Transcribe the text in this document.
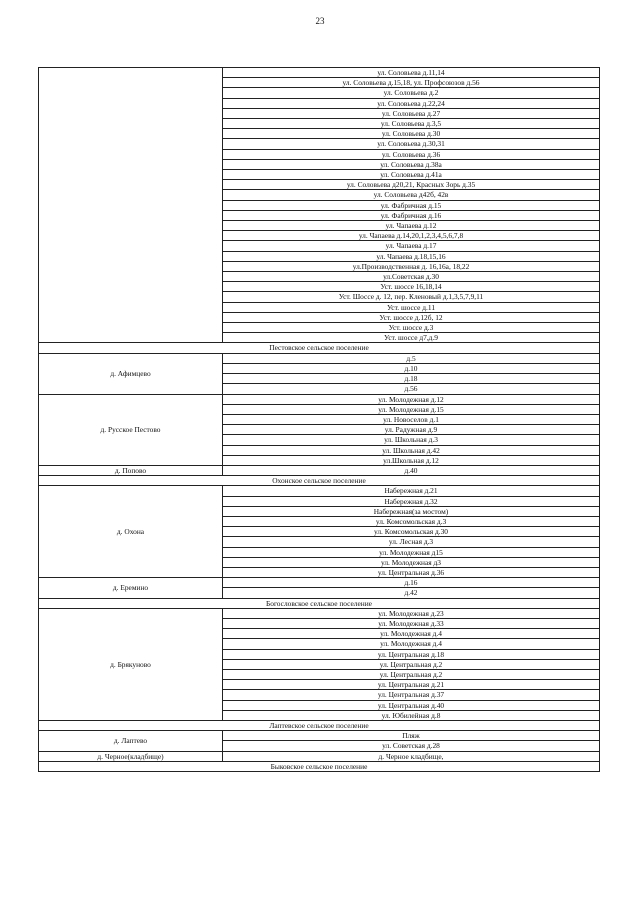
23
	ул. Соловьева д.11,14
	ул. Соловьева д.15,18, ул. Профсоюзов д.56
	ул. Соловьева д.2
	ул. Соловьева д.22,24
	ул. Соловьева д.27
	ул. Соловьева д.3,5
	ул. Соловьева д.30
	ул. Соловьева д.30,31
	ул. Соловьева д.36
	ул. Соловьева д.38а
	ул. Соловьева д.41а
	ул. Соловьева д20,21, Красных Зорь д.35
	ул. Соловьева д42б, 42в
	ул. Фабричная д.15
	ул. Фабричная д.16
	ул. Чапаева д.12
	ул. Чапаева д.14,20,1,2,3,4,5,6,7,8
	ул. Чапаева д.17
	ул. Чапаева д.18,15,16
	ул.Производственная д. 16,16а, 18,22
	ул.Советская д.30
	Уст. шоссе 16,18,14
	Уст. Шоссе д. 12, пер. Кленовый д.1,3,5,7,9,11
	Уст. шоссе д.11
	Уст. шоссе д.12б, 12
	Уст. шоссе д.3
	Уст. шоссе д7,д.9
Пестовское сельское поселение	
д. Афимцево	д.5
	д.10
	д.18
	д.56
д. Русское Пестово	ул. Молодежная д.12
	ул. Молодежная д.15
	ул. Новоселов д.1
	ул. Радужная д.9
	ул. Школьная д.3
	ул. Школьная д.42
	ул.Школьная д.12
д. Попово	д.40
Охонское сельское поселение	
д. Охона	Набережная д.21
	Набережная д.32
	Набережная(за мостом)
	ул. Комсомольская д.3
	ул. Комсомольская д.30
	ул. Лесная д.3
	ул. Молодежная д15
	ул. Молодежная д3
	ул. Центральная д.36
д. Еремино	д.16
	д.42
Богословское сельское поселение	
д. Брякуново	ул. Молодежная д.23
	ул. Молодежная д.33
	ул. Молодежная д.4
	ул. Молодежная д.4
	ул. Центральная д.18
	ул. Центральная д.2
	ул. Центральная д.2
	ул. Центральная д.21
	ул. Центральная д.37
	ул. Центральная д.40
	ул. Юбилейная д.8
Лаптевское сельское поселение	
д. Лаптево	Пляж
	ул. Советская д.28
д. Черное(кладбище)	д. Черное кладбище,
Быковское сельское поселение	
